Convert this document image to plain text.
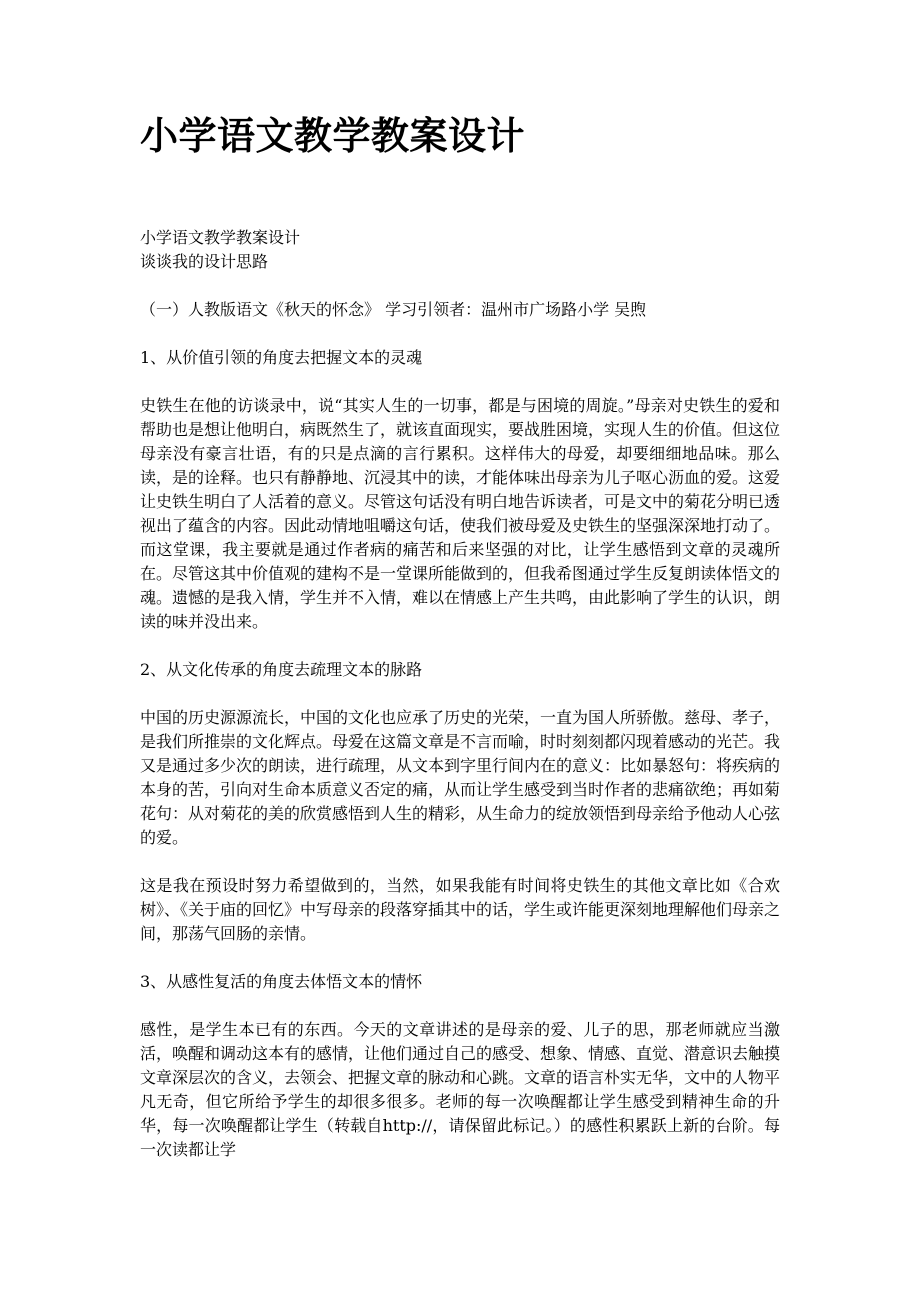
小学语文教学教案设计

小学语文教学教案设计

谈谈我的设计思路

（一）人教版语文《秋天的怀念》 学习引领者：温州市广场路小学 吴煦

1、从价值引领的角度去把握文本的灵魂

史铁生在他的访谈录中，说“其实人生的一切事，都是与困境的周旋。”母亲对史铁生的爱和帮助也是想让他明白，病既然生了，就该直面现实，要战胜困境，实现人生的价值。但这位母亲没有豪言壮语，有的只是点滴的言行累积。这样伟大的母爱，却要细细地品味。那么读，是的诠释。也只有静静地、沉浸其中的读，才能体味出母亲为儿子呕心沥血的爱。这爱让史铁生明白了人活着的意义。尽管这句话没有明白地告诉读者，可是文中的菊花分明已透视出了蕴含的内容。因此动情地咀嚼这句话，使我们被母爱及史铁生的坚强深深地打动了。而这堂课，我主要就是通过作者病的痛苦和后来坚强的对比，让学生感悟到文章的灵魂所在。尽管这其中价值观的建构不是一堂课所能做到的，但我希图通过学生反复朗读体悟文的魂。遗憾的是我入情，学生并不入情，难以在情感上产生共鸣，由此影响了学生的认识，朗读的味并没出来。

2、从文化传承的角度去疏理文本的脉路

中国的历史源源流长，中国的文化也应承了历史的光荣，一直为国人所骄傲。慈母、孝子，是我们所推崇的文化辉点。母爱在这篇文章是不言而喻，时时刻刻都闪现着感动的光芒。我又是通过多少次的朗读，进行疏理，从文本到字里行间内在的意义：比如暴怒句：将疾病的本身的苦，引向对生命本质意义否定的痛，从而让学生感受到当时作者的悲痛欲绝；再如菊花句：从对菊花的美的欣赏感悟到人生的精彩，从生命力的绽放领悟到母亲给予他动人心弦的爱。

这是我在预设时努力希望做到的，当然，如果我能有时间将史铁生的其他文章比如《合欢树》、《关于庙的回忆》中写母亲的段落穿插其中的话，学生或许能更深刻地理解他们母亲之间，那荡气回肠的亲情。

3、从感性复活的角度去体悟文本的情怀

感性，是学生本已有的东西。今天的文章讲述的是母亲的爱、儿子的思，那老师就应当激活，唤醒和调动这本有的感情，让他们通过自己的感受、想象、情感、直觉、潜意识去触摸文章深层次的含义，去领会、把握文章的脉动和心跳。文章的语言朴实无华，文中的人物平凡无奇，但它所给予学生的却很多很多。老师的每一次唤醒都让学生感受到精神生命的升华，每一次唤醒都让学生（转载自http://，请保留此标记。）的感性积累跃上新的台阶。每一次读都让学
